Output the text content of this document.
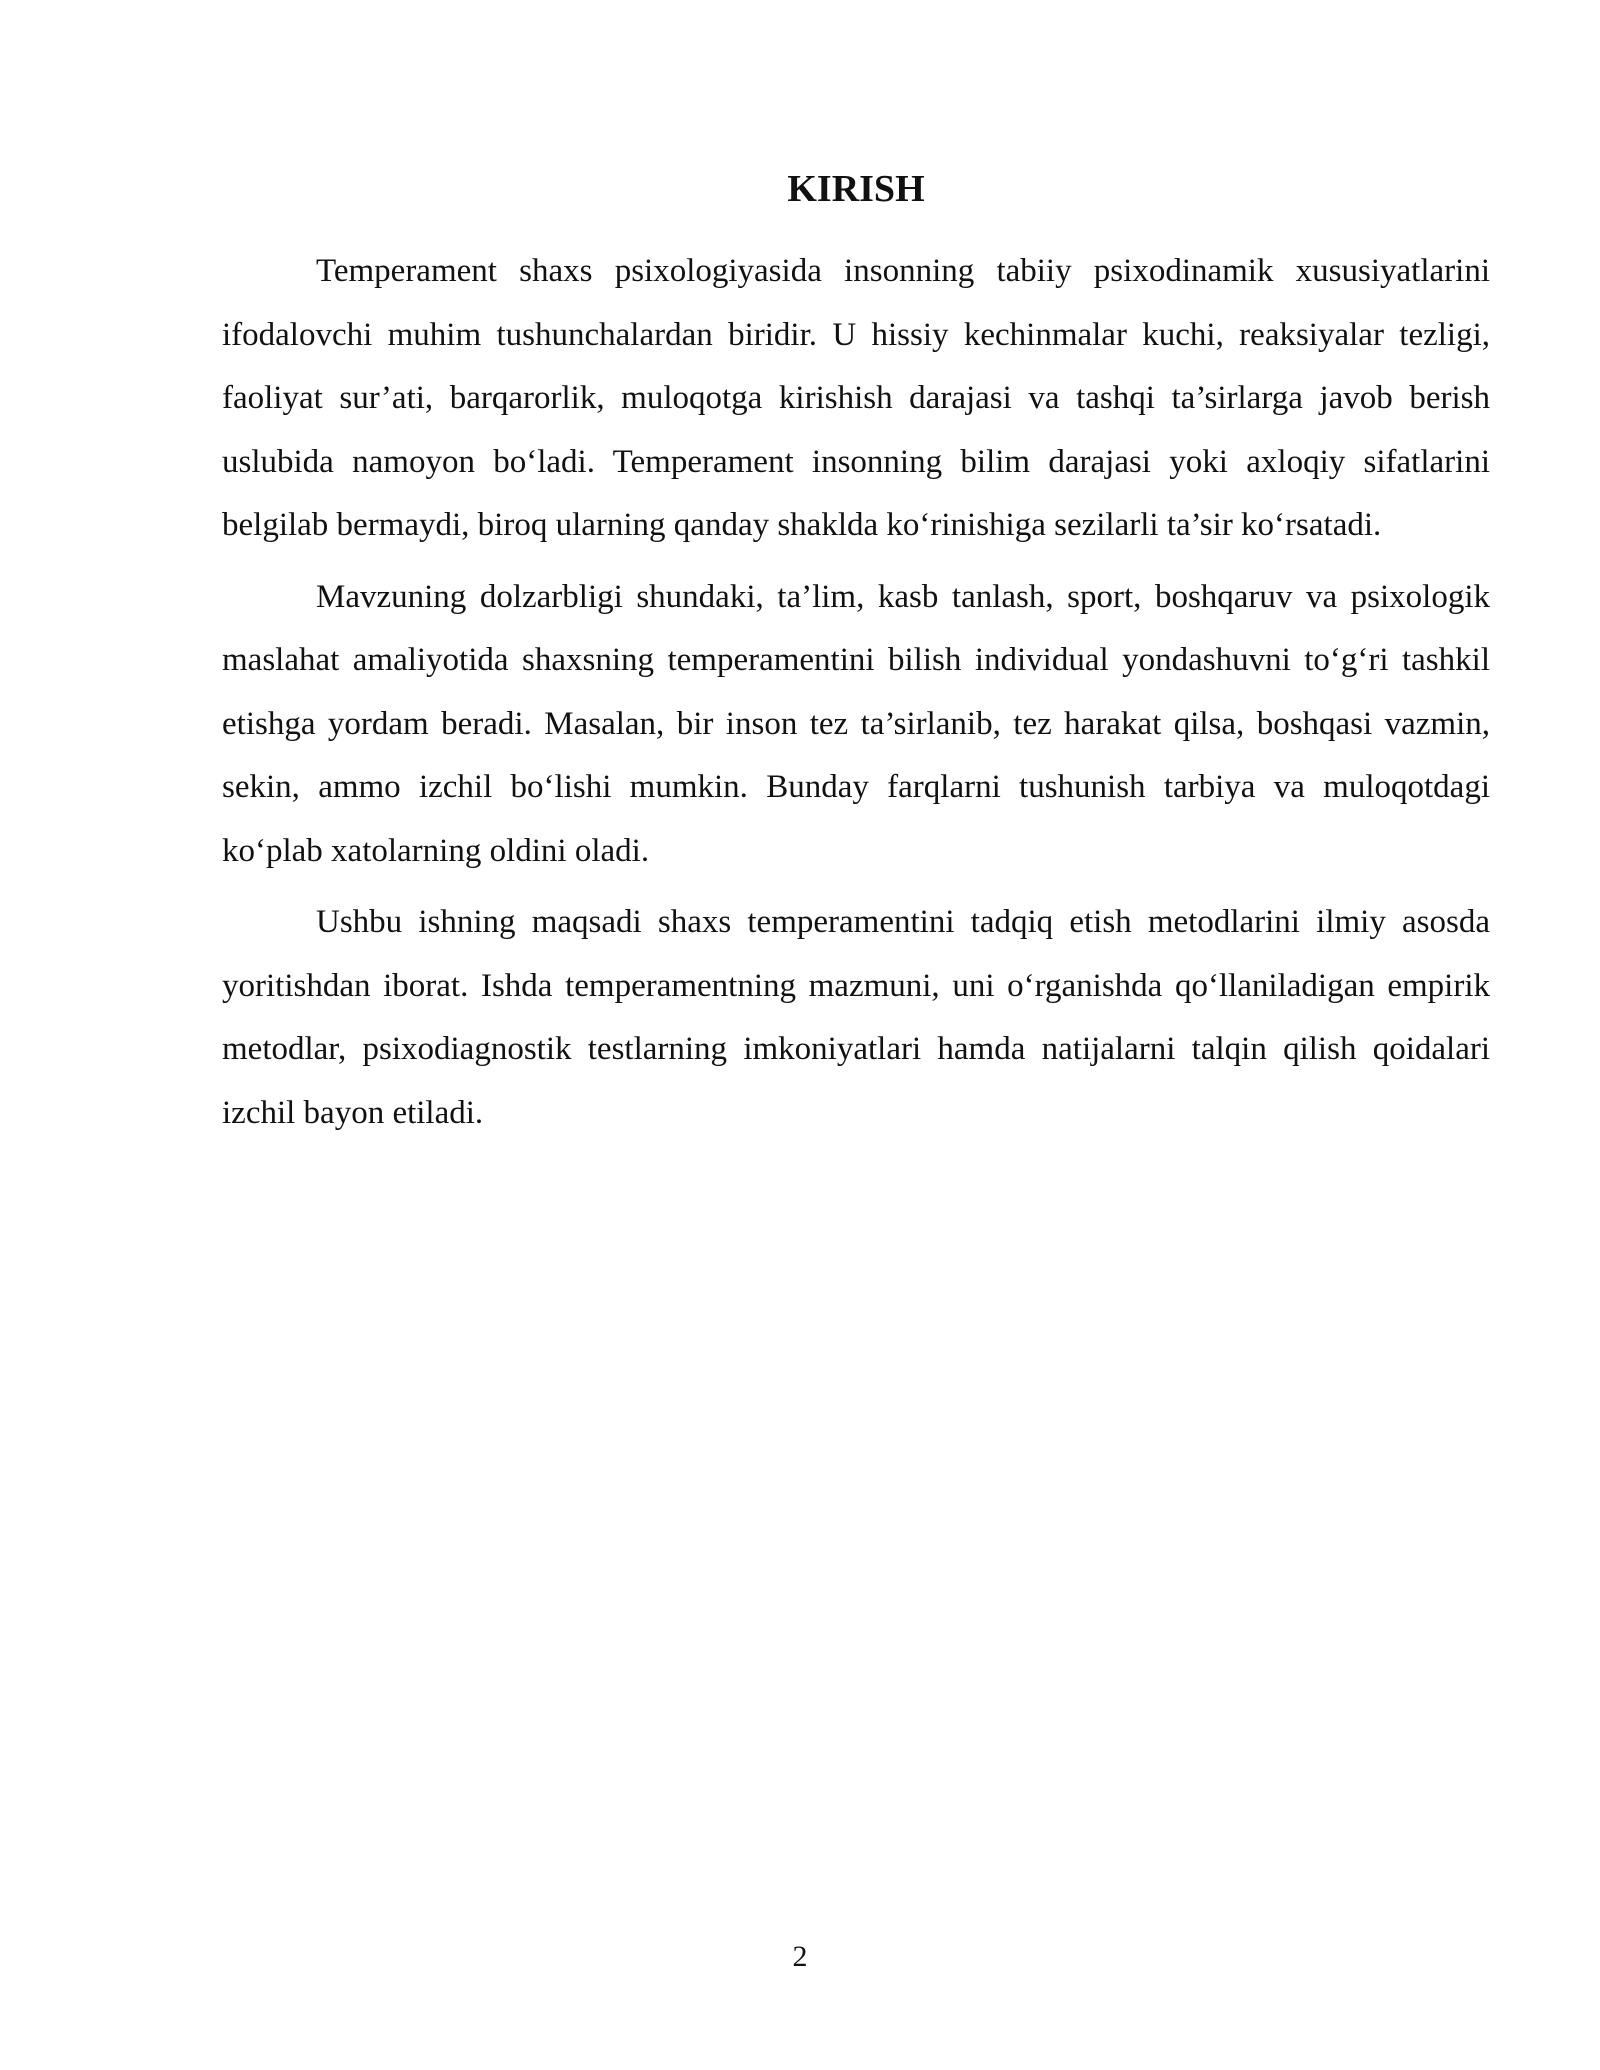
KIRISH

Temperament shaxs psixologiyasida insonning tabiiy psixodinamik xususiyatlarini ifodalovchi muhim tushunchalardan biridir. U hissiy kechinmalar kuchi, reaksiyalar tezligi, faoliyat sur’ati, barqarorlik, muloqotga kirishish darajasi va tashqi ta’sirlarga javob berish uslubida namoyon bo‘ladi. Temperament insonning bilim darajasi yoki axloqiy sifatlarini belgilab bermaydi, biroq ularning qanday shaklda ko‘rinishiga sezilarli ta’sir ko‘rsatadi.

Mavzuning dolzarbligi shundaki, ta’lim, kasb tanlash, sport, boshqaruv va psixologik maslahat amaliyotida shaxsning temperamentini bilish individual yondashuvni to‘g‘ri tashkil etishga yordam beradi. Masalan, bir inson tez ta’sirlanib, tez harakat qilsa, boshqasi vazmin, sekin, ammo izchil bo‘lishi mumkin. Bunday farqlarni tushunish tarbiya va muloqotdagi ko‘plab xatolarning oldini oladi.

Ushbu ishning maqsadi shaxs temperamentini tadqiq etish metodlarini ilmiy asosda yoritishdan iborat. Ishda temperamentning mazmuni, uni o‘rganishda qo‘llaniladigan empirik metodlar, psixodiagnostik testlarning imkoniyatlari hamda natijalarni talqin qilish qoidalari izchil bayon etiladi.

2
